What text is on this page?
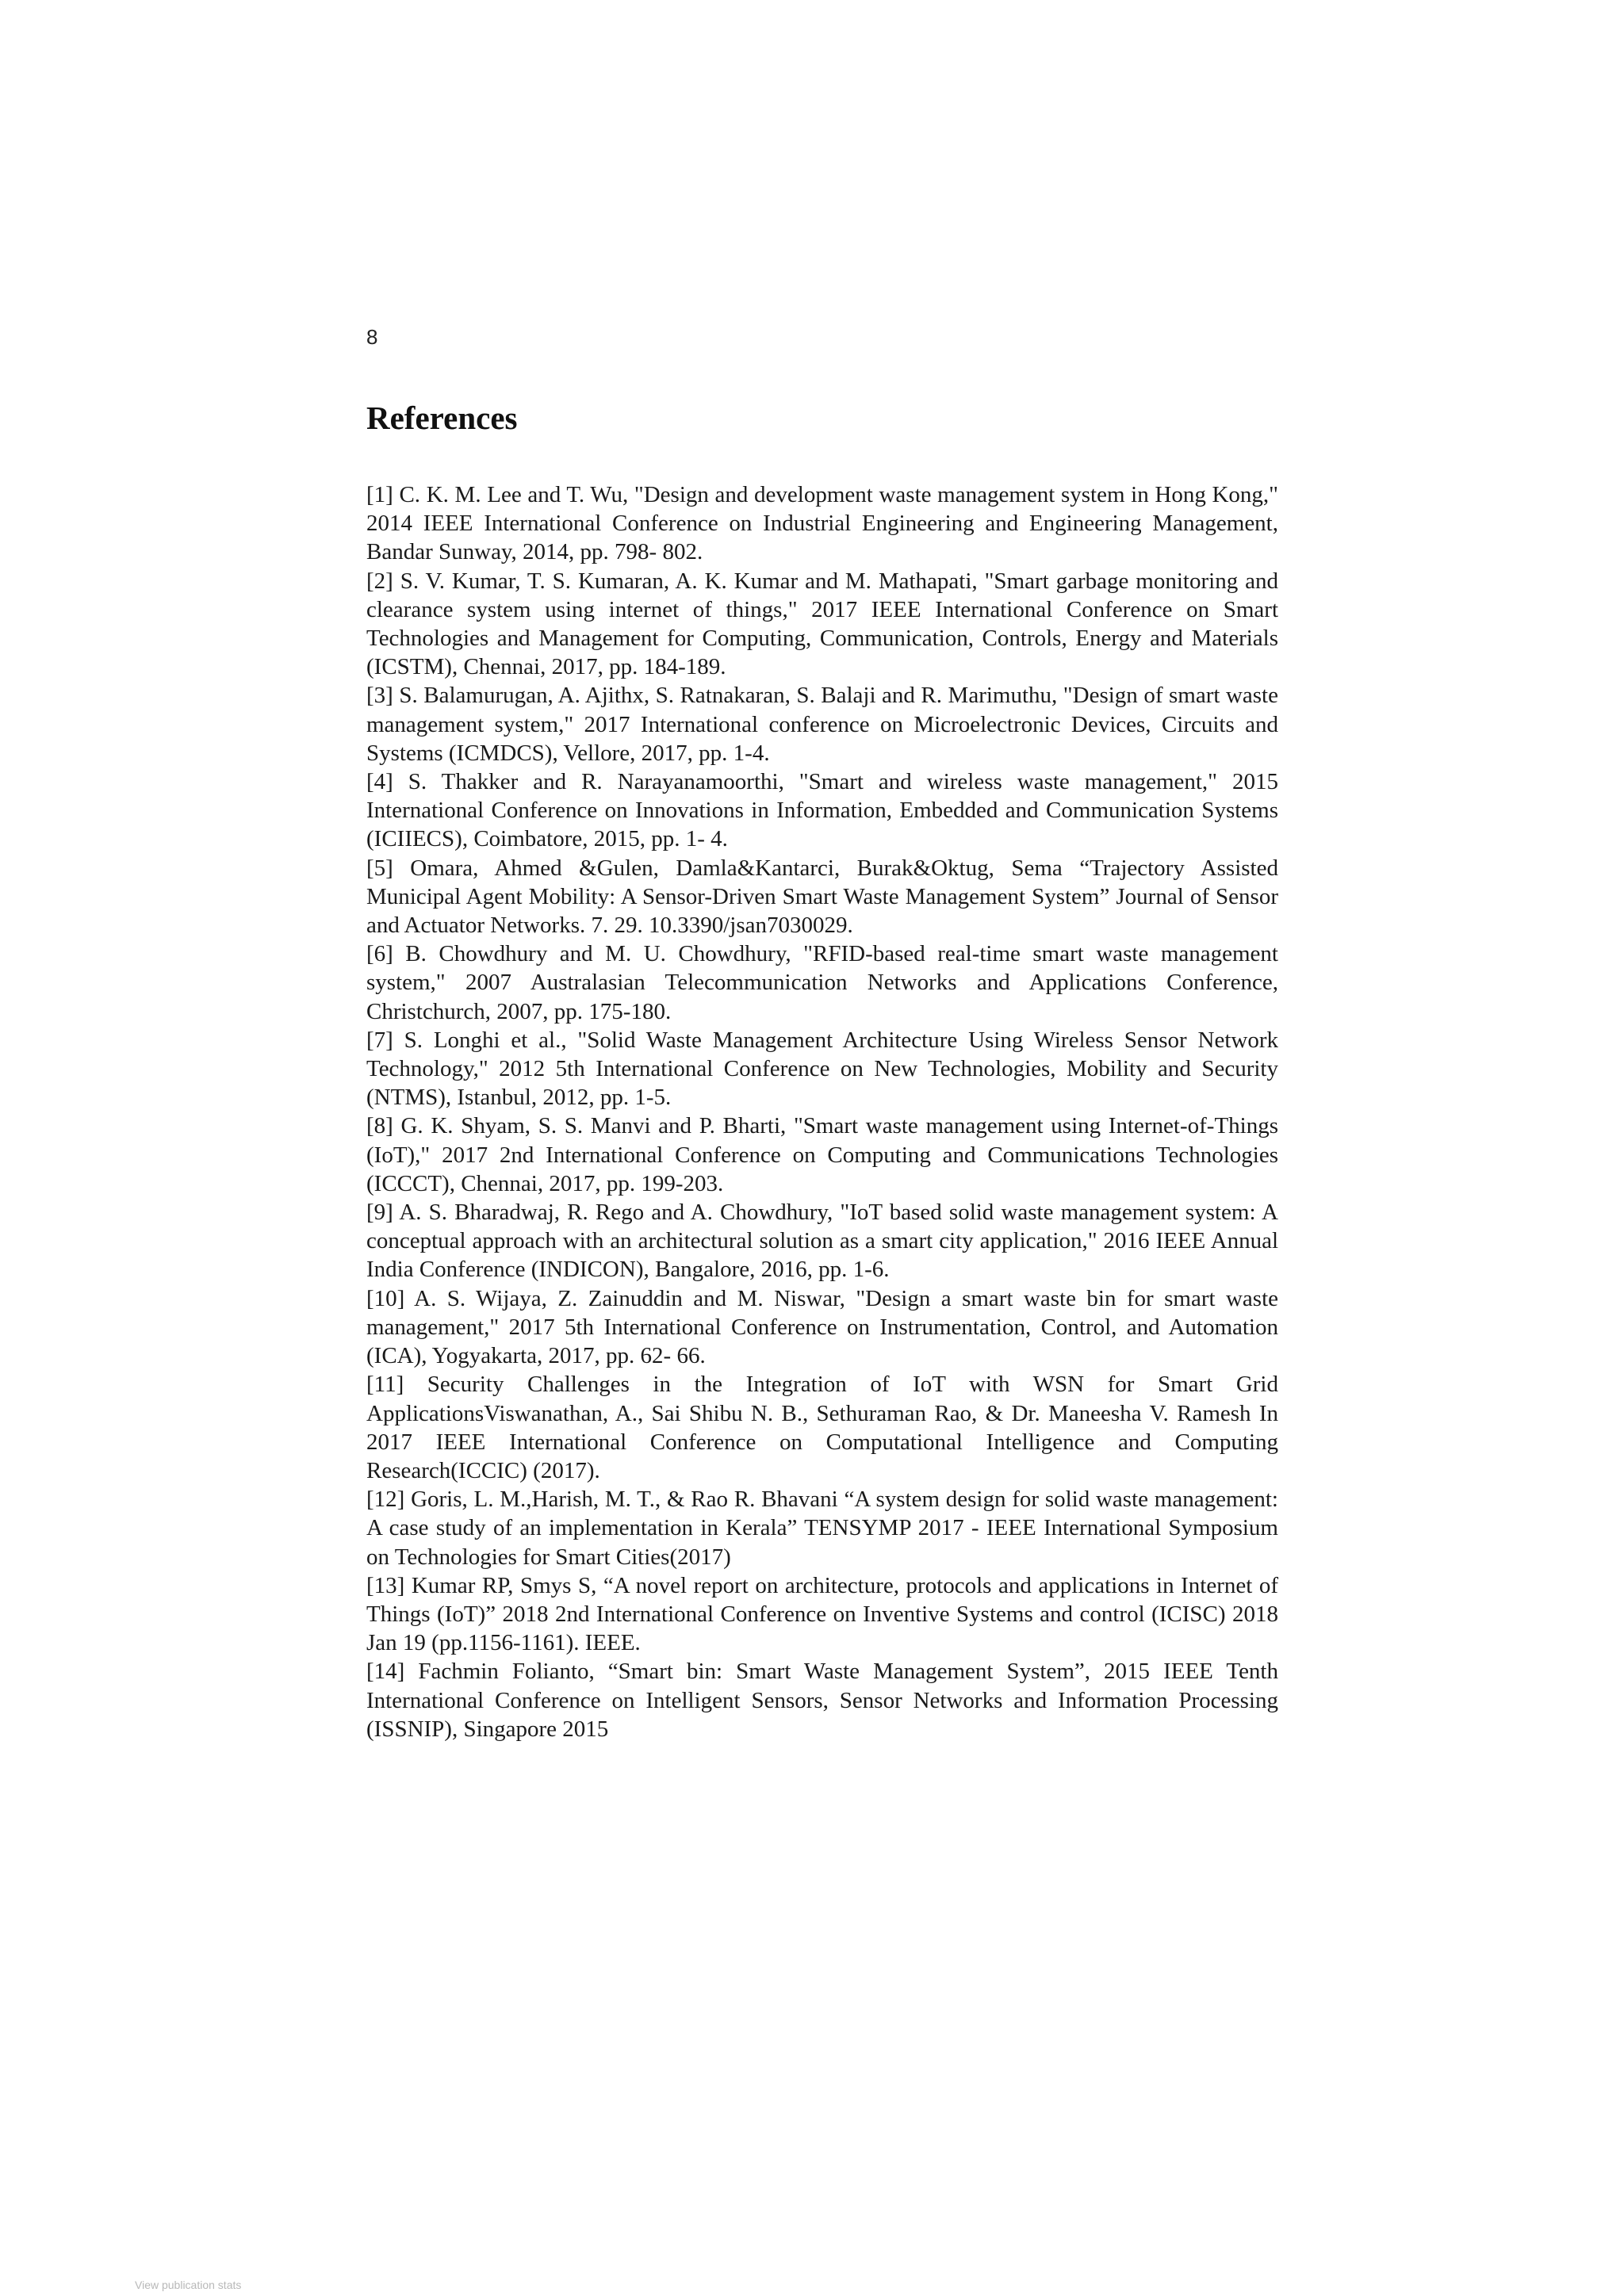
8
References

[1] C. K. M. Lee and T. Wu, "Design and development waste management system in Hong Kong," 2014 IEEE International Conference on Industrial Engineering and Engineering Management, Bandar Sunway, 2014, pp. 798- 802.

[2] S. V. Kumar, T. S. Kumaran, A. K. Kumar and M. Mathapati, "Smart garbage monitoring and clearance system using internet of things," 2017 IEEE International Conference on Smart Technologies and Management for Computing, Communication, Controls, Energy and Materials (ICSTM), Chennai, 2017, pp. 184-189.

[3] S. Balamurugan, A. Ajithx, S. Ratnakaran, S. Balaji and R. Marimuthu, "Design of smart waste management system," 2017 International conference on Microelectronic Devices, Circuits and Systems (ICMDCS), Vellore, 2017, pp. 1-4.

[4] S. Thakker and R. Narayanamoorthi, "Smart and wireless waste management," 2015 International Conference on Innovations in Information, Embedded and Communication Systems (ICIIECS), Coimbatore, 2015, pp. 1- 4.

[5] Omara, Ahmed &Gulen, Damla&Kantarci, Burak&Oktug, Sema “Trajectory Assisted Municipal Agent Mobility: A Sensor-Driven Smart Waste Management System” Journal of Sensor and Actuator Networks. 7. 29. 10.3390/jsan7030029.

[6] B. Chowdhury and M. U. Chowdhury, "RFID-based real-time smart waste management system," 2007 Australasian Telecommunication Networks and Applications Conference, Christchurch, 2007, pp. 175-180.

[7] S. Longhi et al., "Solid Waste Management Architecture Using Wireless Sensor Network Technology," 2012 5th International Conference on New Technologies, Mobility and Security (NTMS), Istanbul, 2012, pp. 1-5.

[8] G. K. Shyam, S. S. Manvi and P. Bharti, "Smart waste management using Internet-of-Things (IoT)," 2017 2nd International Conference on Computing and Communications Technologies (ICCCT), Chennai, 2017, pp. 199-203.

[9] A. S. Bharadwaj, R. Rego and A. Chowdhury, "IoT based solid waste management system: A conceptual approach with an architectural solution as a smart city application," 2016 IEEE Annual India Conference (INDICON), Bangalore, 2016, pp. 1-6.

[10] A. S. Wijaya, Z. Zainuddin and M. Niswar, "Design a smart waste bin for smart waste management," 2017 5th International Conference on Instrumentation, Control, and Automation (ICA), Yogyakarta, 2017, pp. 62- 66.

[11] Security Challenges in the Integration of IoT with WSN for Smart Grid ApplicationsViswanathan, A., Sai Shibu N. B., Sethuraman Rao, & Dr. Maneesha V. Ramesh In 2017 IEEE International Conference on Computational Intelligence and Computing Research(ICCIC) (2017).

[12] Goris, L. M.,Harish, M. T., & Rao R. Bhavani “A system design for solid waste management: A case study of an implementation in Kerala” TENSYMP 2017 - IEEE International Symposium on Technologies for Smart Cities(2017)

[13] Kumar RP, Smys S, “A novel report on architecture, protocols and applications in Internet of Things (IoT)” 2018 2nd International Conference on Inventive Systems and control (ICISC) 2018 Jan 19 (pp.1156-1161). IEEE.

[14] Fachmin Folianto, “Smart bin: Smart Waste Management System”, 2015 IEEE Tenth International Conference on Intelligent Sensors, Sensor Networks and Information Processing (ISSNIP), Singapore 2015

View publication stats
